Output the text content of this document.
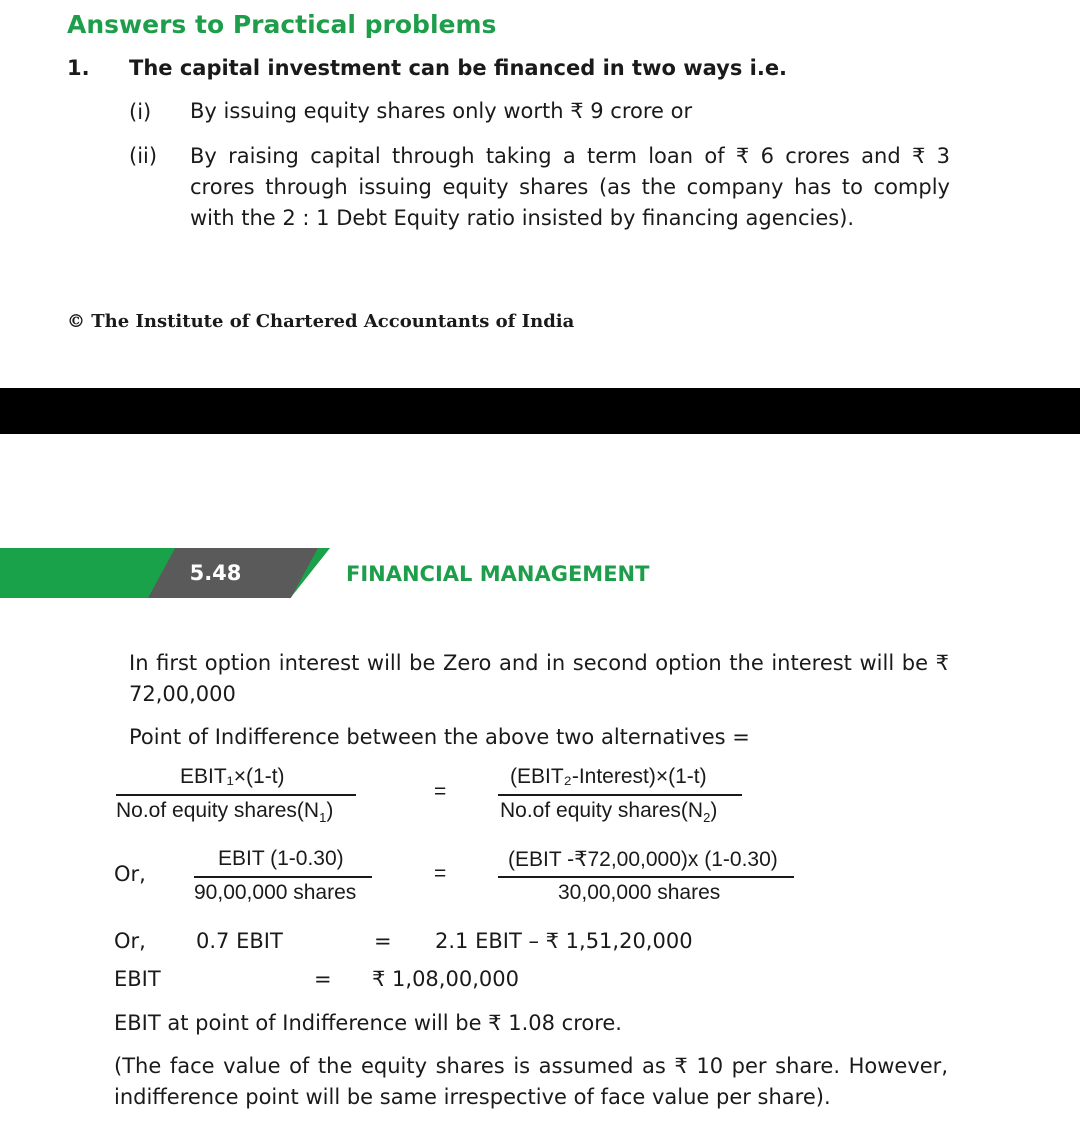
Answers to Practical problems
1. The capital investment can be financed in two ways i.e.
(i) By issuing equity shares only worth ₹ 9 crore or
(ii) By raising capital through taking a term loan of ₹ 6 crores and ₹ 3 crores through issuing equity shares (as the company has to comply with the 2 : 1 Debt Equity ratio insisted by financing agencies).
© The Institute of Chartered Accountants of India
5.48	FINANCIAL MANAGEMENT
In first option interest will be Zero and in second option the interest will be ₹ 72,00,000
Point of Indifference between the above two alternatives =
EBIT₁×(1-t)
No.of equity $shares(N_1)$
=
(EBIT₂-Interest)×(1-t)
No.of equity $shares(N_2)$
Or,
EBIT (1-0.30)
90,00,000 shares
=
(EBIT -₹72,00,000)x (1-0.30)
30,00,000 shares
Or, 0.7 EBIT	= 2.1 EBIT – ₹ 1,51,20,000
EBIT	= ₹ 1,08,00,000
EBIT at point of Indifference will be ₹ 1.08 crore.
(The face value of the equity shares is assumed as ₹ 10 per share. However, indifference point will be same irrespective of face value per share).
